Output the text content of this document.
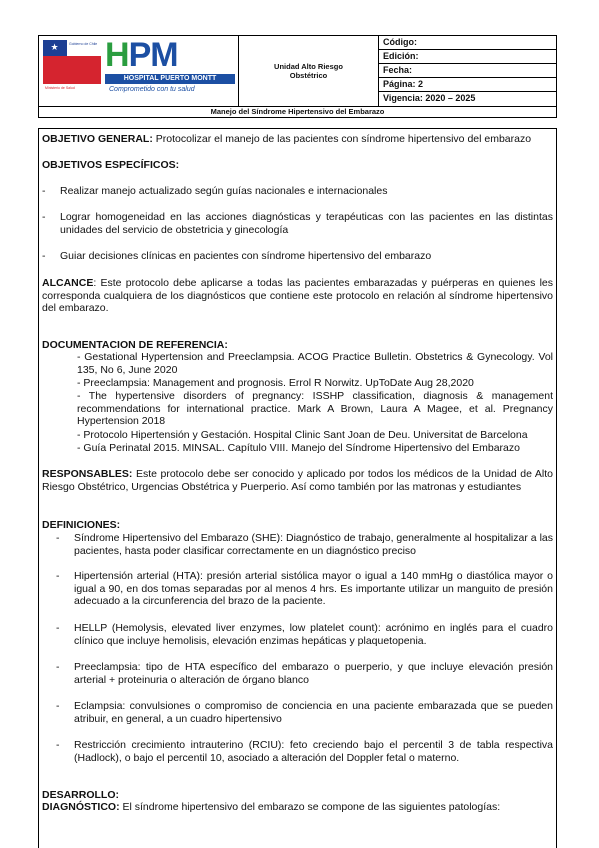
★	Gobierno de Chile
Ministerio de Salud
HPM
HOSPITAL PUERTO MONTT
Comprometido con tu salud
Unidad Alto Riesgo
Obstétrico
Código:
Edición:
Fecha:
Página: 2
Vigencia: 2020 – 2025
Manejo del Síndrome Hipertensivo del Embarazo
OBJETIVO GENERAL: Protocolizar el manejo de las pacientes con síndrome hipertensivo del embarazo
OBJETIVOS ESPECÍFICOS:
- Realizar manejo actualizado según guías nacionales e internacionales
- Lograr homogeneidad en las acciones diagnósticas y terapéuticas con las pacientes en las distintas unidades del servicio de obstetricia y ginecología
- Guiar decisiones clínicas en pacientes con síndrome hipertensivo del embarazo
ALCANCE: Este protocolo debe aplicarse a todas las pacientes embarazadas y puérperas en quienes les corresponda cualquiera de los diagnósticos que contiene este protocolo en relación al síndrome hipertensivo del embarazo.
DOCUMENTACION DE REFERENCIA:
- Gestational Hypertension and Preeclampsia. ACOG Practice Bulletin. Obstetrics & Gynecology. Vol 135, No 6, June 2020
- Preeclampsia: Management and prognosis. Errol R Norwitz. UpToDate Aug 28,2020
- The hypertensive disorders of pregnancy: ISSHP classification, diagnosis & management recommendations for international practice. Mark A Brown, Laura A Magee, et al. Pregnancy Hypertension 2018
- Protocolo Hipertensión y Gestación. Hospital Clinic Sant Joan de Deu. Universitat de Barcelona
- Guía Perinatal 2015. MINSAL. Capítulo VIII. Manejo del Síndrome Hipertensivo del Embarazo
RESPONSABLES: Este protocolo debe ser conocido y aplicado por todos los médicos de la Unidad de Alto Riesgo Obstétrico, Urgencias Obstétrica y Puerperio. Así como también por las matronas y estudiantes
DEFINICIONES:
- Síndrome Hipertensivo del Embarazo (SHE): Diagnóstico de trabajo, generalmente al hospitalizar a las pacientes, hasta poder clasificar correctamente en un diagnóstico preciso
- Hipertensión arterial (HTA): presión arterial sistólica mayor o igual a 140 mmHg o diastólica mayor o igual a 90, en dos tomas separadas por al menos 4 hrs. Es importante utilizar un manguito de presión adecuado a la circunferencia del brazo de la paciente.
- HELLP (Hemolysis, elevated liver enzymes, low platelet count): acrónimo en inglés para el cuadro clínico que incluye hemolisis, elevación enzimas hepáticas y plaquetopenia.
- Preeclampsia: tipo de HTA específico del embarazo o puerperio, y que incluye elevación presión arterial + proteinuria o alteración de órgano blanco
- Eclampsia: convulsiones o compromiso de conciencia en una paciente embarazada que se pueden atribuir, en general, a un cuadro hipertensivo
- Restricción crecimiento intrauterino (RCIU): feto creciendo bajo el percentil 3 de tabla respectiva (Hadlock), o bajo el percentil 10, asociado a alteración del Doppler fetal o materno.
DESARROLLO:
DIAGNÓSTICO: El síndrome hipertensivo del embarazo se compone de las siguientes patologías:
